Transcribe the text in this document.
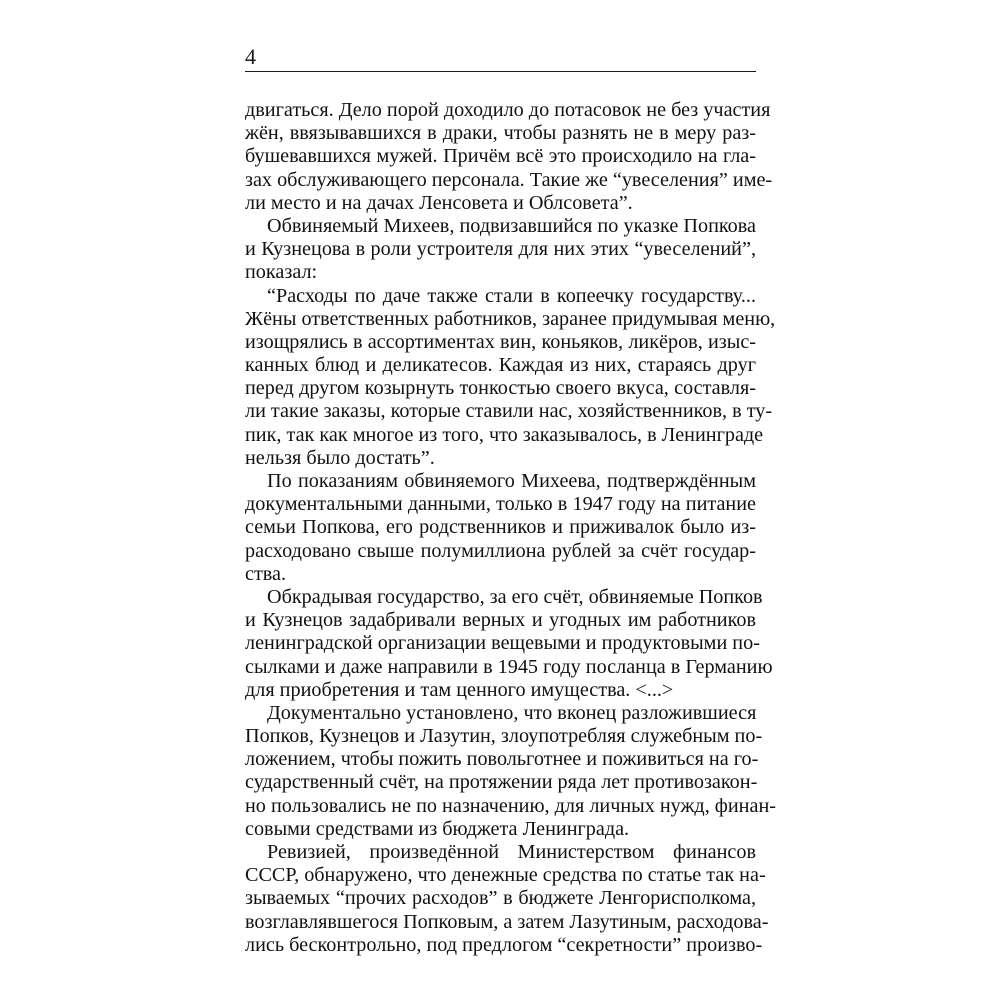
4
двигаться. Дело порой доходило до потасовок не без участия
жён, ввязывавшихся в драки, чтобы разнять не в меру раз-
бушевавшихся мужей. Причём всё это происходило на гла-
зах обслуживающего персонала. Такие же “увеселения” име-
ли место и на дачах Ленсовета и Облсовета”.
Обвиняемый Михеев, подвизавшийся по указке Попкова
и Кузнецова в роли устроителя для них этих “увеселений”,
показал:
“Расходы по даче также стали в копеечку государству...
Жёны ответственных работников, заранее придумывая меню,
изощрялись в ассортиментах вин, коньяков, ликёров, изыс-
канных блюд и деликатесов. Каждая из них, стараясь друг
перед другом козырнуть тонкостью своего вкуса, составля-
ли такие заказы, которые ставили нас, хозяйственников, в ту-
пик, так как многое из того, что заказывалось, в Ленинграде
нельзя было достать”.
По показаниям обвиняемого Михеева, подтверждённым
документальными данными, только в 1947 году на питание
семьи Попкова, его родственников и приживалок было из-
расходовано свыше полумиллиона рублей за счёт государ-
ства.
Обкрадывая государство, за его счёт, обвиняемые Попков
и Кузнецов задабривали верных и угодных им работников
ленинградской организации вещевыми и продуктовыми по-
сылками и даже направили в 1945 году посланца в Германию
для приобретения и там ценного имущества. <...>
Документально установлено, что вконец разложившиеся
Попков, Кузнецов и Лазутин, злоупотребляя служебным по-
ложением, чтобы пожить повольготнее и поживиться на го-
сударственный счёт, на протяжении ряда лет противозакон-
но пользовались не по назначению, для личных нужд, финан-
совыми средствами из бюджета Ленинграда.
Ревизией, произведённой Министерством финансов
СССР, обнаружено, что денежные средства по статье так на-
зываемых “прочих расходов” в бюджете Ленгорисполкома,
возглавлявшегося Попковым, а затем Лазутиным, расходова-
лись бесконтрольно, под предлогом “секретности” произво-
